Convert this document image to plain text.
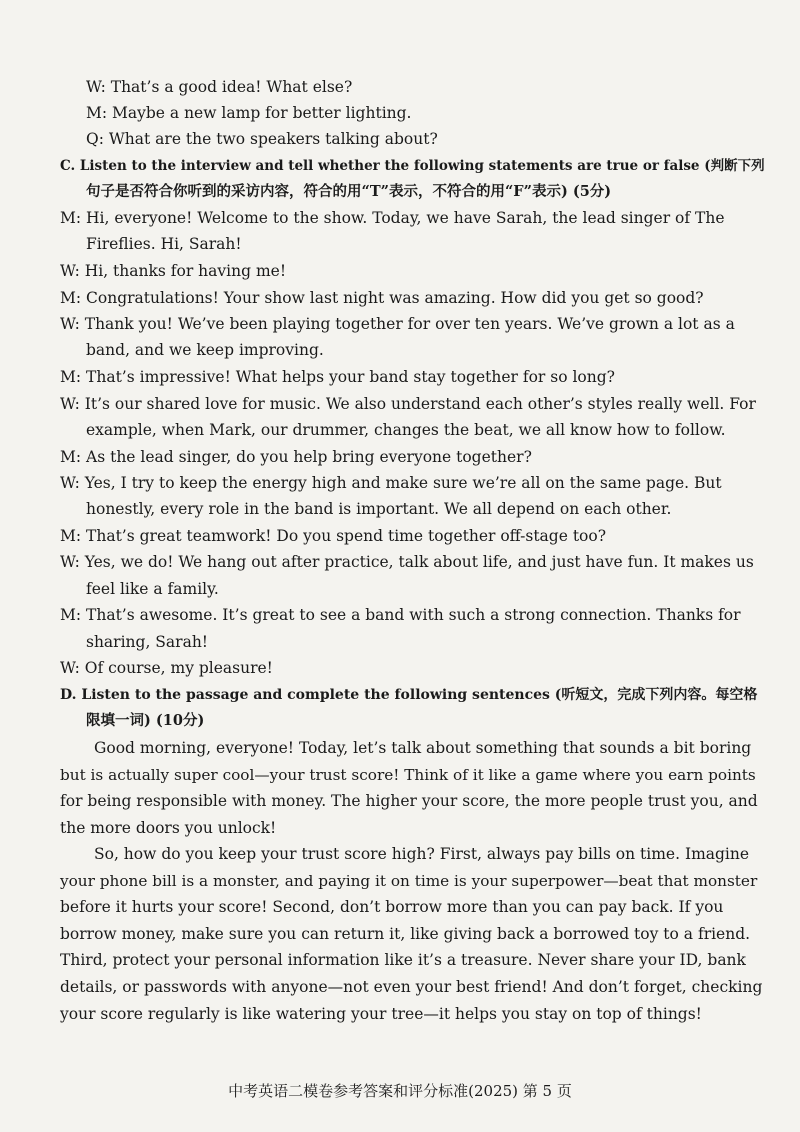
W: That’s a good idea! What else?
M: Maybe a new lamp for better lighting.
Q: What are the two speakers talking about?
C. Listen to the interview and tell whether the following statements are true or false (判断下列
句子是否符合你听到的采访内容，符合的用“T”表示，不符合的用“F”表示) (5分)
M: Hi, everyone! Welcome to the show. Today, we have Sarah, the lead singer of The
Fireflies. Hi, Sarah!
W: Hi, thanks for having me!
M: Congratulations! Your show last night was amazing. How did you get so good?
W: Thank you! We’ve been playing together for over ten years. We’ve grown a lot as a
band, and we keep improving.
M: That’s impressive! What helps your band stay together for so long?
W: It’s our shared love for music. We also understand each other’s styles really well. For
example, when Mark, our drummer, changes the beat, we all know how to follow.
M: As the lead singer, do you help bring everyone together?
W: Yes, I try to keep the energy high and make sure we’re all on the same page. But
honestly, every role in the band is important. We all depend on each other.
M: That’s great teamwork! Do you spend time together off-stage too?
W: Yes, we do! We hang out after practice, talk about life, and just have fun. It makes us
feel like a family.
M: That’s awesome. It’s great to see a band with such a strong connection. Thanks for
sharing, Sarah!
W: Of course, my pleasure!
D. Listen to the passage and complete the following sentences (听短文，完成下列内容。每空格
限填一词) (10分)
Good morning, everyone! Today, let’s talk about something that sounds a bit boring
but is actually super cool—your trust score! Think of it like a game where you earn points
for being responsible with money. The higher your score, the more people trust you, and
the more doors you unlock!
So, how do you keep your trust score high? First, always pay bills on time. Imagine
your phone bill is a monster, and paying it on time is your superpower—beat that monster
before it hurts your score! Second, don’t borrow more than you can pay back. If you
borrow money, make sure you can return it, like giving back a borrowed toy to a friend.
Third, protect your personal information like it’s a treasure. Never share your ID, bank
details, or passwords with anyone—not even your best friend! And don’t forget, checking
your score regularly is like watering your tree—it helps you stay on top of things!
中考英语二模卷参考答案和评分标准(2025) 第 5 页
